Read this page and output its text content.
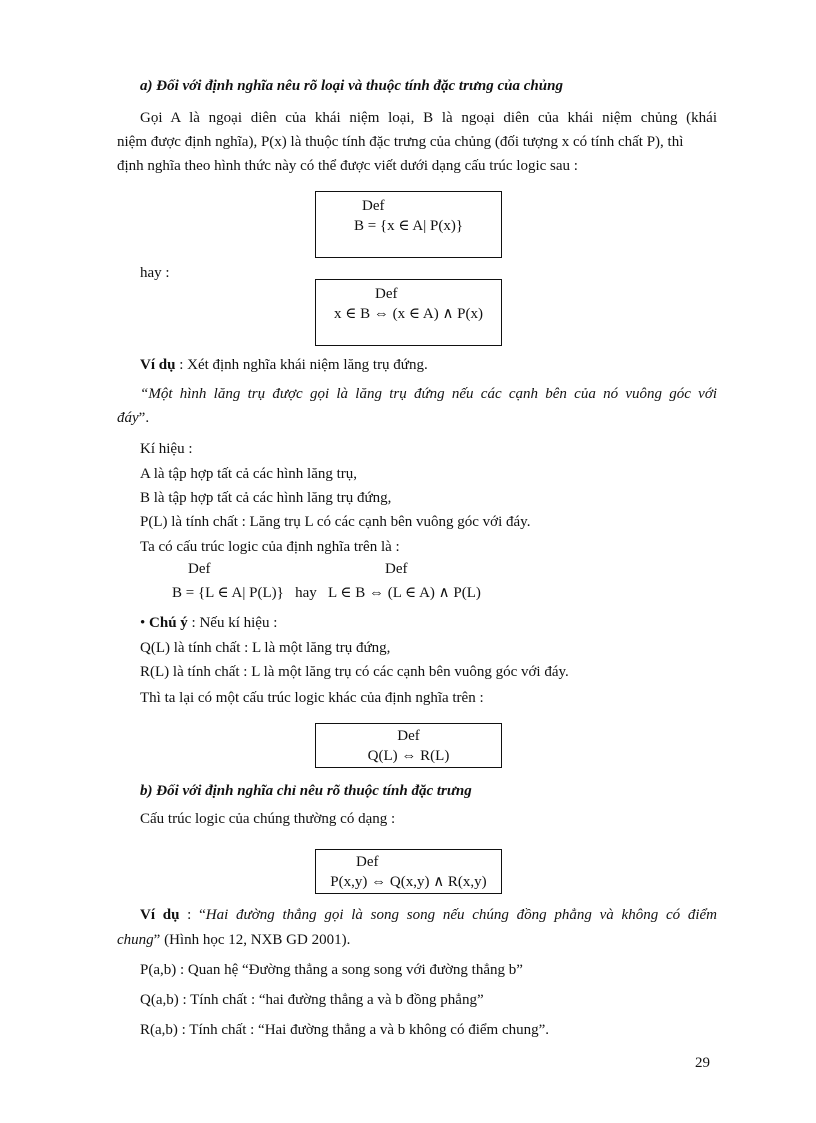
a) Đối với định nghĩa nêu rõ loại và thuộc tính đặc trưng của chủng
Gọi A là ngoại diên của khái niệm loại, B là ngoại diên của khái niệm chủng (khái
niệm được định nghĩa), P(x) là thuộc tính đặc trưng của chủng (đối tượng x có tính chất P), thì
định nghĩa theo hình thức này có thể được viết dưới dạng cấu trúc logic sau :
Def
B = {x ∈ A| P(x)}
hay :
Def
x ∈ B ⇔ (x ∈ A) ∧ P(x)
Ví dụ : Xét định nghĩa khái niệm lăng trụ đứng.
“Một hình lăng trụ được gọi là lăng trụ đứng nếu các cạnh bên của nó vuông góc với
đáy”.
Kí hiệu :
A là tập hợp tất cả các hình lăng trụ,
B là tập hợp tất cả các hình lăng trụ đứng,
P(L) là tính chất : Lăng trụ L có các cạnh bên vuông góc với đáy.
Ta có cấu trúc logic của định nghĩa trên là :
Def	Def
B = {L ∈ A| P(L)}   hay   L ∈ B ⇔ (L ∈ A) ∧ P(L)
• Chú ý : Nếu kí hiệu :
Q(L) là tính chất : L là một lăng trụ đứng,
R(L) là tính chất : L là một lăng trụ có các cạnh bên vuông góc với đáy.
Thì ta lại có một cấu trúc logic khác của định nghĩa trên :
Def
Q(L) ⇔ R(L)
b) Đối với định nghĩa chỉ nêu rõ thuộc tính đặc trưng
Cấu trúc logic của chúng thường có dạng :
Def
P(x,y) ⇔ Q(x,y) ∧ R(x,y)
Ví dụ : “Hai đường thẳng gọi là song song nếu chúng đồng phẳng và không có điểm
chung” (Hình học 12, NXB GD 2001).
P(a,b) : Quan hệ “Đường thẳng a song song với đường thẳng b”
Q(a,b) : Tính chất : “hai đường thẳng a và b đồng phẳng”
R(a,b) : Tính chất : “Hai đường thẳng a và b không có điểm chung”.
29
